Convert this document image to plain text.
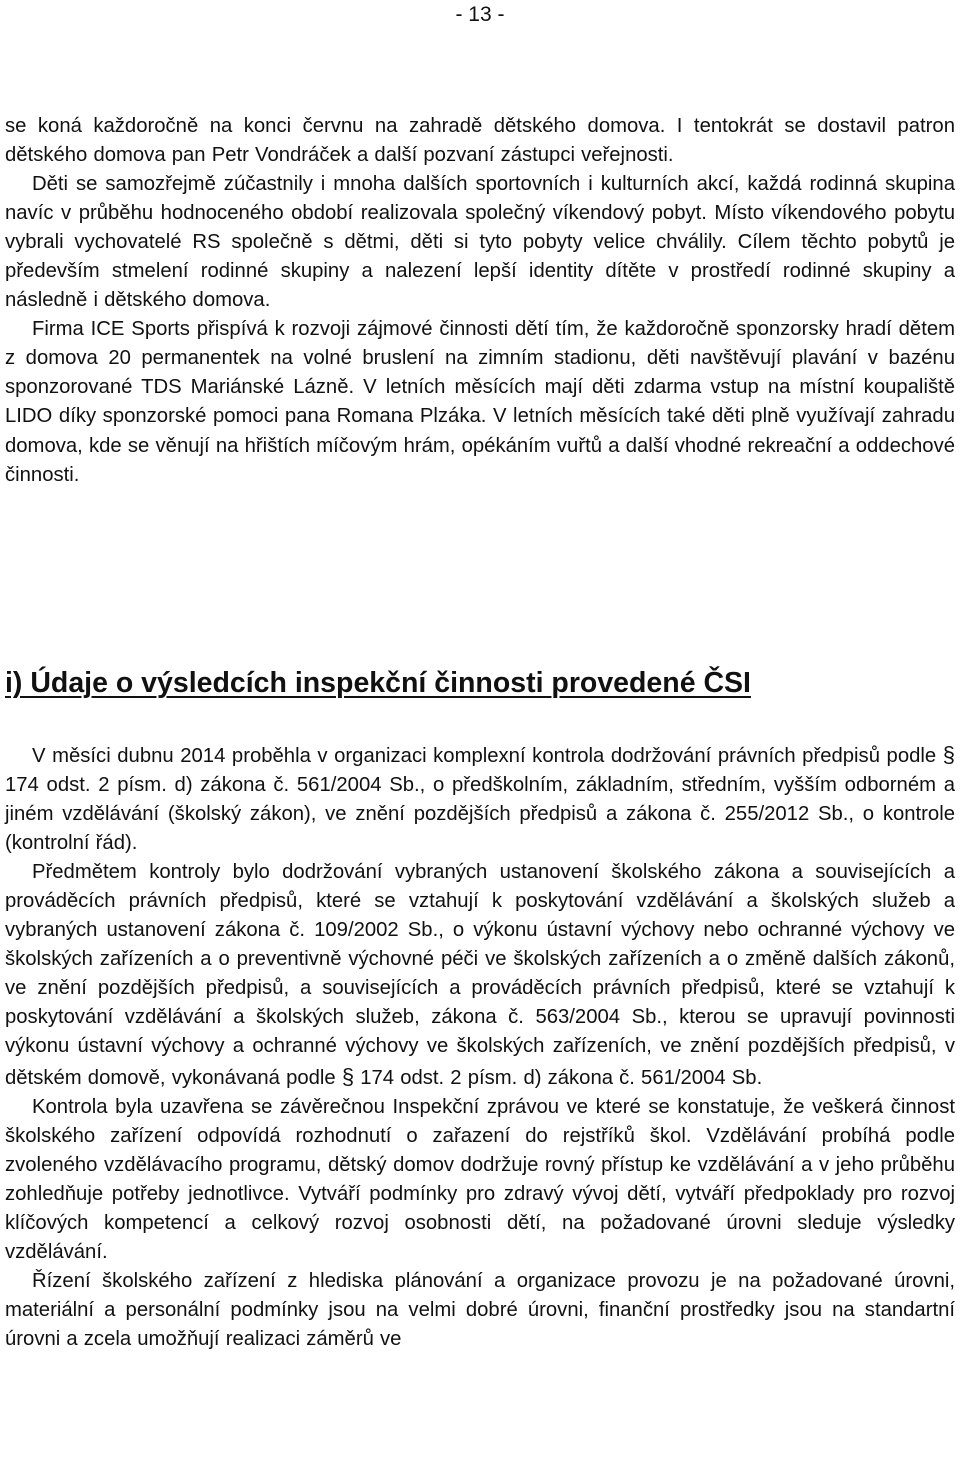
- 13 -

se koná každoročně na konci červnu na zahradě dětského domova. I tentokrát se dostavil patron dětského domova pan Petr Vondráček a další pozvaní zástupci veřejnosti.

Děti se samozřejmě zúčastnily i mnoha dalších sportovních i kulturních akcí, každá rodinná skupina navíc v průběhu hodnoceného období realizovala společný víkendový pobyt. Místo víkendového pobytu vybrali vychovatelé RS společně s dětmi, děti si tyto pobyty velice chválily. Cílem těchto pobytů je především stmelení rodinné skupiny a nalezení lepší identity dítěte v prostředí rodinné skupiny a následně i dětského domova.

Firma ICE Sports přispívá k rozvoji zájmové činnosti dětí tím, že každoročně sponzorsky hradí dětem z domova 20 permanentek na volné bruslení na zimním stadionu, děti navštěvují plavání v bazénu sponzorované TDS Mariánské Lázně. V letních měsících mají děti zdarma vstup na místní koupaliště LIDO díky sponzorské pomoci pana Romana Plzáka. V letních měsících také děti plně využívají zahradu domova, kde se věnují na hřištích míčovým hrám, opékáním vuřtů a další vhodné rekreační a oddechové činnosti.

i) Údaje o výsledcích inspekční činnosti provedené ČSI

V měsíci dubnu 2014 proběhla v organizaci komplexní kontrola dodržování právních předpisů podle § 174 odst. 2 písm. d) zákona č. 561/2004 Sb., o předškolním, základním, středním, vyšším odborném a jiném vzdělávání (školský zákon), ve znění pozdějších předpisů a zákona č. 255/2012 Sb., o kontrole (kontrolní řád).

Předmětem kontroly bylo dodržování vybraných ustanovení školského zákona a souvisejících a prováděcích právních předpisů, které se vztahují k poskytování vzdělávání a školských služeb a vybraných ustanovení zákona č. 109/2002 Sb., o výkonu ústavní výchovy nebo ochranné výchovy ve školských zařízeních a o preventivně výchovné péči ve školských zařízeních a o změně dalších zákonů, ve znění pozdějších předpisů, a souvisejících a prováděcích právních předpisů, které se vztahují k poskytování vzdělávání a školských služeb, zákona č. 563/2004 Sb., kterou se upravují povinnosti výkonu ústavní výchovy a ochranné výchovy ve školských zařízeních, ve znění pozdějších předpisů, v dětském domově, vykonávaná podle § 174 odst. 2 písm. d) zákona č. 561/2004 Sb.

Kontrola byla uzavřena se závěrečnou Inspekční zprávou ve které se konstatuje, že veškerá činnost školského zařízení odpovídá rozhodnutí o zařazení do rejstříků škol. Vzdělávání probíhá podle zvoleného vzdělávacího programu, dětský domov dodržuje rovný přístup ke vzdělávání a v jeho průběhu zohledňuje potřeby jednotlivce. Vytváří podmínky pro zdravý vývoj dětí, vytváří předpoklady pro rozvoj klíčových kompetencí a celkový rozvoj osobnosti dětí, na požadované úrovni sleduje výsledky vzdělávání.

Řízení školského zařízení z hlediska plánování a organizace provozu je na požadované úrovni, materiální a personální podmínky jsou na velmi dobré úrovni, finanční prostředky jsou na standartní úrovni a zcela umožňují realizaci záměrů ve
